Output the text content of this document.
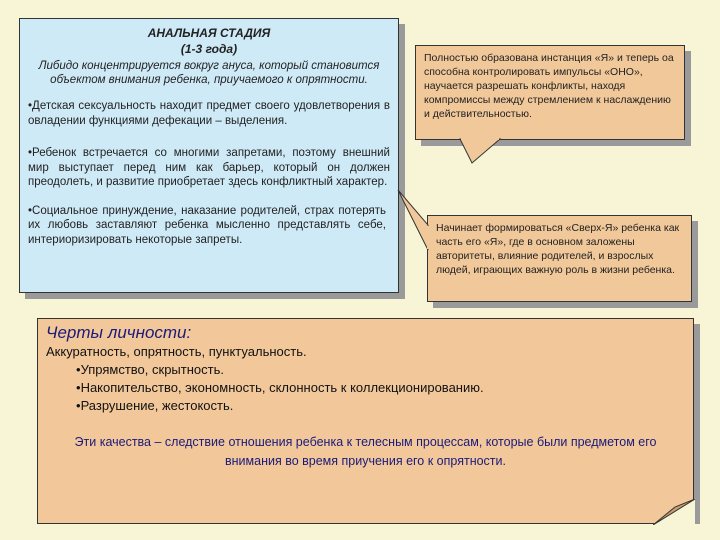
АНАЛЬНАЯ СТАДИЯ
(1-3 года)
Либидо концентрируется вокруг ануса, который становится объектом внимания ребенка, приучаемого к опрятности.
•Детская сексуальность находит предмет своего удовлетворения в овладении функциями дефекации – выделения.
•Ребенок встречается со многими запретами, поэтому внешний мир выступает перед ним как барьер, который он должен преодолеть, и развитие приобретает здесь конфликтный характер.
•Социальное принуждение, наказание родителей, страх потерять их любовь заставляют ребенка мысленно представлять себе, интериоризировать некоторые запреты.
Полностью образована инстанция «Я» и теперь оа способна контролировать импульсы «ОНО», научается разрешать конфликты, находя компромиссы между стремлением к наслаждению и действительностью.
Начинает формироваться «Сверх-Я» ребенка как часть его «Я», где в основном заложены авторитеты, влияние родителей, и взрослых людей, играющих важную роль в жизни ребенка.
Черты личности:
Аккуратность, опрятность, пунктуальность.
•Упрямство, скрытность.
•Накопительство, экономность, склонность к коллекционированию.
•Разрушение, жестокость.
Эти качества – следствие отношения ребенка к телесным процессам, которые были предметом его внимания во время приучения его к опрятности.
